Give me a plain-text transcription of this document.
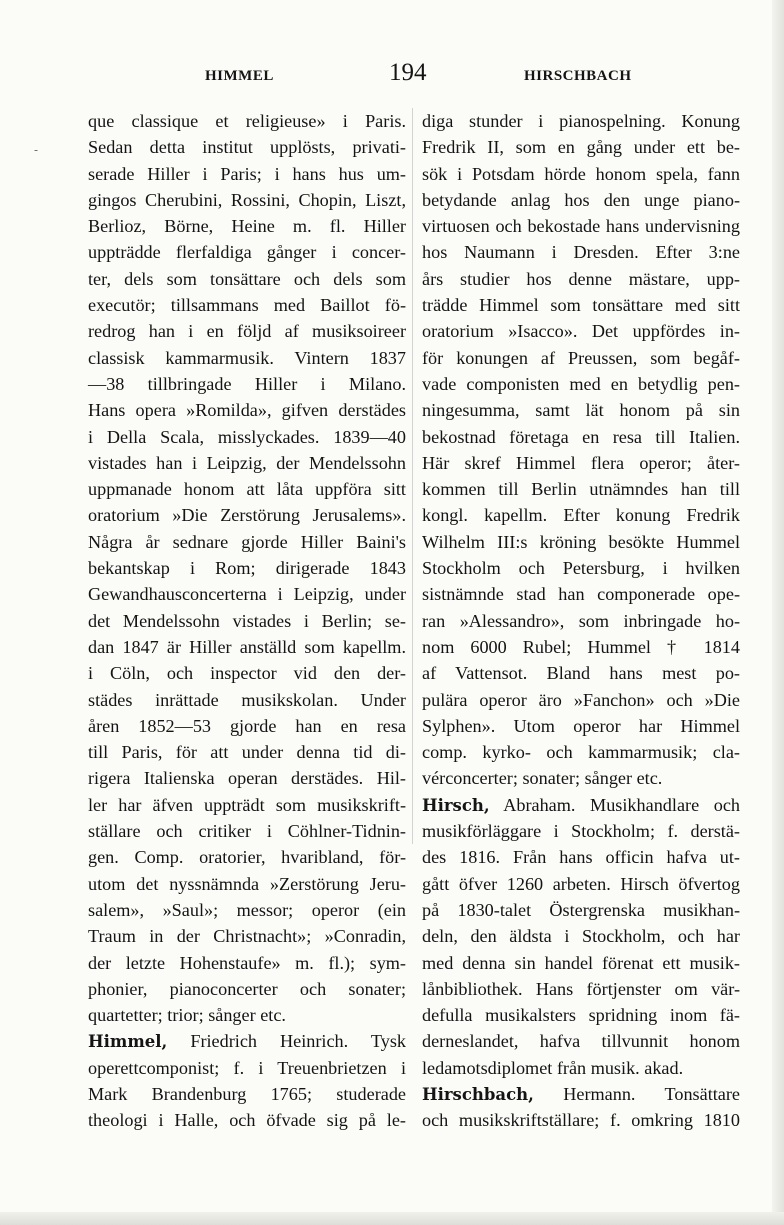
-
HIMMEL	194	HIRSCHBACH
que classique et religieuse» i Paris.
Sedan detta institut upplösts, privati-
serade Hiller i Paris; i hans hus um-
gingos Cherubini, Rossini, Chopin, Liszt,
Berlioz, Börne, Heine m. fl. Hiller
uppträdde flerfaldiga gånger i concer-
ter, dels som tonsättare och dels som
executör; tillsammans med Baillot fö-
redrog han i en följd af musiksoireer
classisk kammarmusik. Vintern 1837
—38 tillbringade Hiller i Milano.
Hans opera »Romilda», gifven derstädes
i Della Scala, misslyckades. 1839—40
vistades han i Leipzig, der Mendelssohn
uppmanade honom att låta uppföra sitt
oratorium »Die Zerstörung Jerusalems».
Några år sednare gjorde Hiller Baini's
bekantskap i Rom; dirigerade 1843
Gewandhausconcerterna i Leipzig, under
det Mendelssohn vistades i Berlin; se-
dan 1847 är Hiller anställd som kapellm.
i Cöln, och inspector vid den der-
städes inrättade musikskolan. Under
åren 1852—53 gjorde han en resa
till Paris, för att under denna tid di-
rigera Italienska operan derstädes. Hil-
ler har äfven uppträdt som musikskrift-
ställare och critiker i Cöhlner-Tidnin-
gen. Comp. oratorier, hvaribland, för-
utom det nyssnämnda »Zerstörung Jeru-
salem», »Saul»; messor; operor (ein
Traum in der Christnacht»; »Conradin,
der letzte Hohenstaufe» m. fl.); sym-
phonier, pianoconcerter och sonater;
quartetter; trior; sånger etc.
Himmel, Friedrich Heinrich. Tysk
operettcomponist; f. i Treuenbrietzen i
Mark Brandenburg 1765; studerade
theologi i Halle, och öfvade sig på le-
diga stunder i pianospelning. Konung
Fredrik II, som en gång under ett be-
sök i Potsdam hörde honom spela, fann
betydande anlag hos den unge piano-
virtuosen och bekostade hans undervisning
hos Naumann i Dresden. Efter 3:ne
års studier hos denne mästare, upp-
trädde Himmel som tonsättare med sitt
oratorium »Isacco». Det uppfördes in-
för konungen af Preussen, som begåf-
vade componisten med en betydlig pen-
ningesumma, samt lät honom på sin
bekostnad företaga en resa till Italien.
Här skref Himmel flera operor; åter-
kommen till Berlin utnämndes han till
kongl. kapellm. Efter konung Fredrik
Wilhelm III:s kröning besökte Hummel
Stockholm och Petersburg, i hvilken
sistnämnde stad han componerade ope-
ran »Alessandro», som inbringade ho-
nom 6000 Rubel; Hummel † 1814
af Vattensot. Bland hans mest po-
pulära operor äro »Fanchon» och »Die
Sylphen». Utom operor har Himmel
comp. kyrko- och kammarmusik; cla-
vérconcerter; sonater; sånger etc.
Hirsch, Abraham. Musikhandlare och
musikförläggare i Stockholm; f. derstä-
des 1816. Från hans officin hafva ut-
gått öfver 1260 arbeten. Hirsch öfvertog
på 1830-talet Östergrenska musikhan-
deln, den äldsta i Stockholm, och har
med denna sin handel förenat ett musik-
lånbibliothek. Hans förtjenster om vär-
defulla musikalsters spridning inom fä-
derneslandet, hafva tillvunnit honom
ledamotsdiplomet från musik. akad.
Hirschbach, Hermann. Tonsättare
och musikskriftställare; f. omkring 1810
